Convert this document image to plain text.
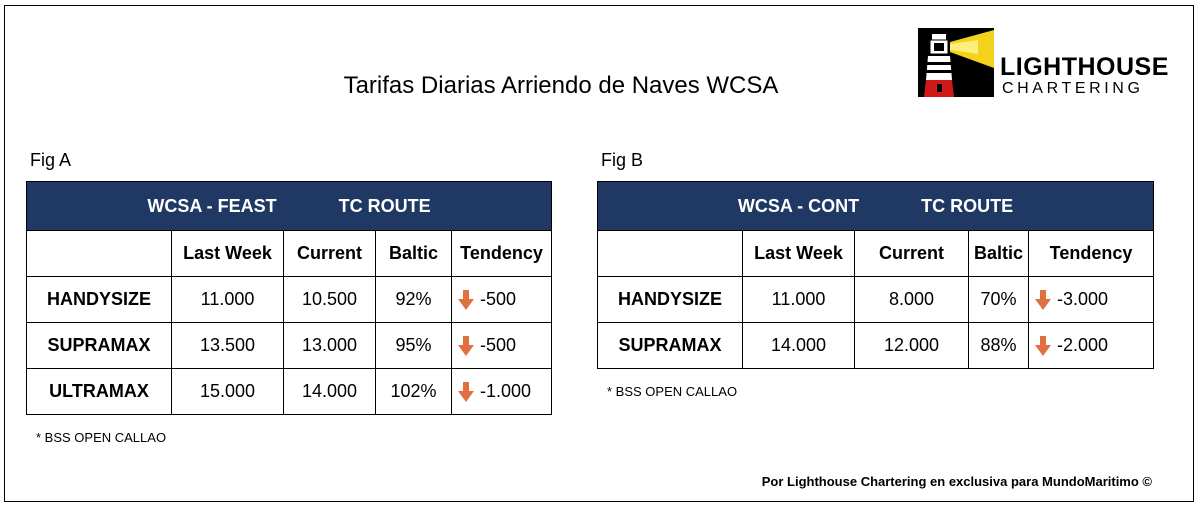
Tarifas Diarias Arriendo de Naves WCSA
LIGHTHOUSE
CHARTERING
Fig A
WCSA - FEAST TC ROUTE				

	Last Week	Current	Baltic	Tendency
HANDYSIZE	11.000	10.500	92%	-500

SUPRAMAX	13.500	13.000	95%	-500

ULTRAMAX	15.000	14.000	102%	-1.000
* BSS OPEN CALLAO
Fig B
WCSA - CONT TC ROUTE				

	Last Week	Current	Baltic	Tendency
HANDYSIZE	11.000	8.000	70%	-3.000

SUPRAMAX	14.000	12.000	88%	-2.000
* BSS OPEN CALLAO
Por Lighthouse Chartering en exclusiva para MundoMaritimo ©
